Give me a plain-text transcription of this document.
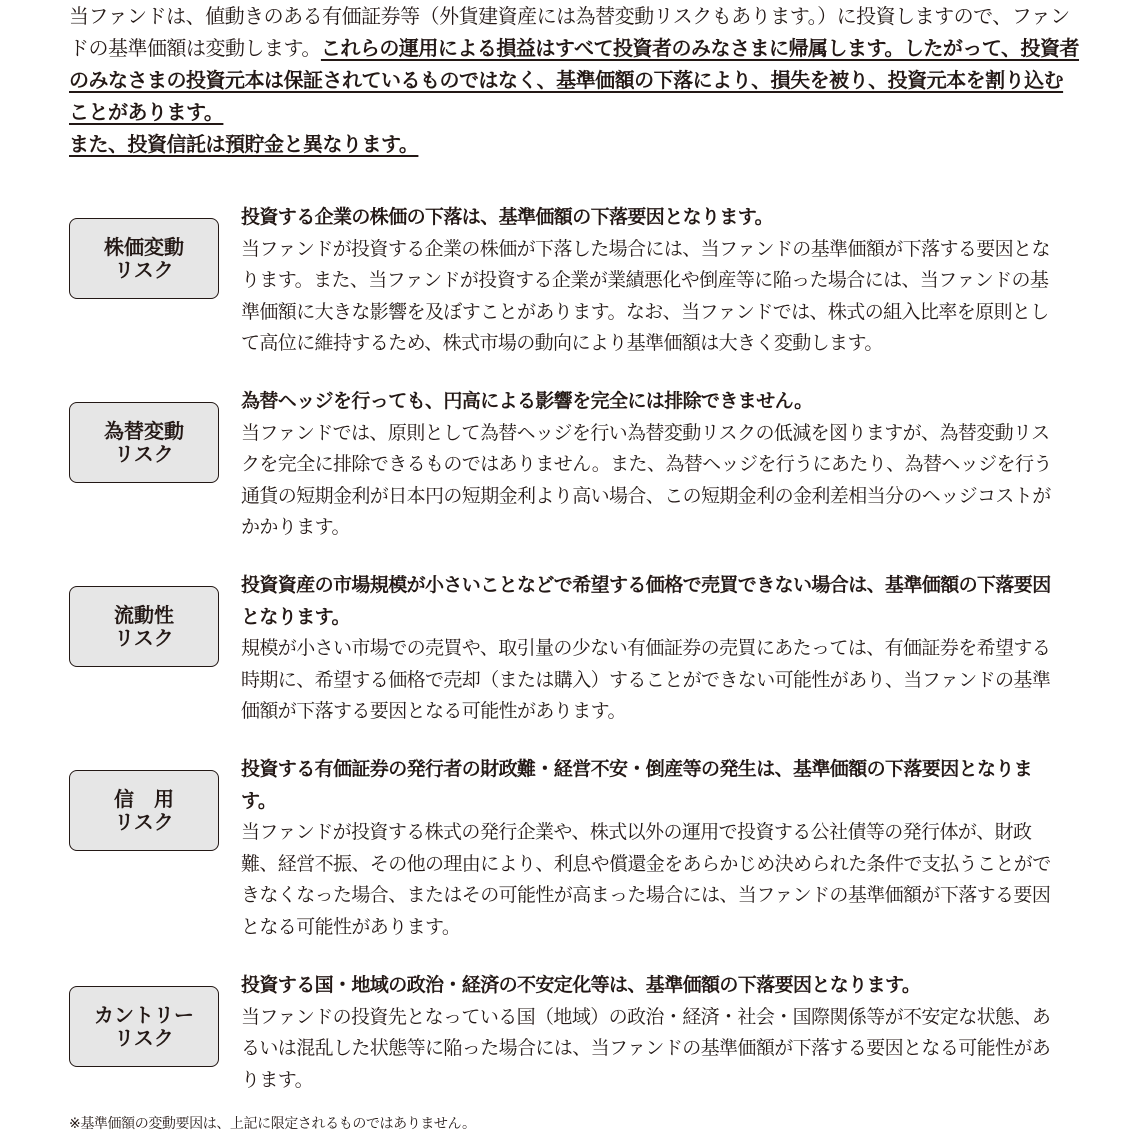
当ファンドは、値動きのある有価証券等（外貨建資産には為替変動リスクもあります。）に投資しますので、ファンドの基準価額は変動します。これらの運用による損益はすべて投資者のみなさまに帰属します。したがって、投資者のみなさまの投資元本は保証されているものではなく、基準価額の下落により、損失を被り、投資元本を割り込むことがあります。

また、投資信託は預貯金と異なります。

株価変動
リスク

投資する企業の株価の下落は、基準価額の下落要因となります。

当ファンドが投資する企業の株価が下落した場合には、当ファンドの基準価額が下落する要因となります。また、当ファンドが投資する企業が業績悪化や倒産等に陥った場合には、当ファンドの基準価額に大きな影響を及ぼすことがあります。なお、当ファンドでは、株式の組入比率を原則として高位に維持するため、株式市場の動向により基準価額は大きく変動します。

為替変動
リスク

為替ヘッジを行っても、円高による影響を完全には排除できません。

当ファンドでは、原則として為替ヘッジを行い為替変動リスクの低減を図りますが、為替変動リスクを完全に排除できるものではありません。また、為替ヘッジを行うにあたり、為替ヘッジを行う通貨の短期金利が日本円の短期金利より高い場合、この短期金利の金利差相当分のヘッジコストがかかります。

流動性
リスク

投資資産の市場規模が小さいことなどで希望する価格で売買できない場合は、基準価額の下落要因となります。

規模が小さい市場での売買や、取引量の少ない有価証券の売買にあたっては、有価証券を希望する時期に、希望する価格で売却（または購入）することができない可能性があり、当ファンドの基準価額が下落する要因となる可能性があります。

信　用
リスク

投資する有価証券の発行者の財政難・経営不安・倒産等の発生は、基準価額の下落要因となります。

当ファンドが投資する株式の発行企業や、株式以外の運用で投資する公社債等の発行体が、財政難、経営不振、その他の理由により、利息や償還金をあらかじめ決められた条件で支払うことができなくなった場合、またはその可能性が高まった場合には、当ファンドの基準価額が下落する要因となる可能性があります。

カントリー
リスク

投資する国・地域の政治・経済の不安定化等は、基準価額の下落要因となります。

当ファンドの投資先となっている国（地域）の政治・経済・社会・国際関係等が不安定な状態、あるいは混乱した状態等に陥った場合には、当ファンドの基準価額が下落する要因となる可能性があります。

※基準価額の変動要因は、上記に限定されるものではありません。
